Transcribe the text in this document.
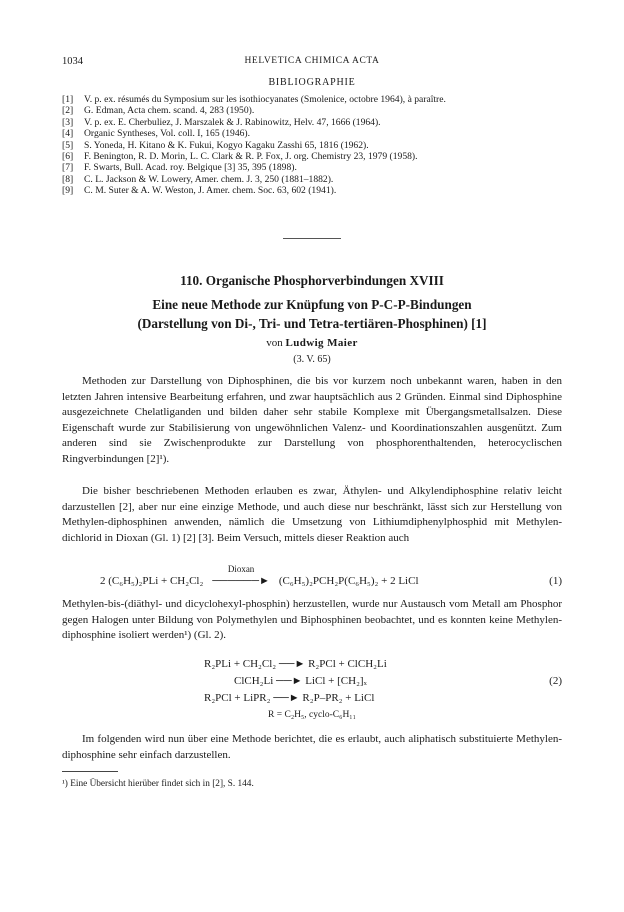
1034	HELVETICA CHIMICA ACTA
BIBLIOGRAPHIE
[1] V. p. ex. résumés du Symposium sur les isothiocyanates (Smolenice, octobre 1964), à paraître.
[2] G. Edman, Acta chem. scand. 4, 283 (1950).
[3] V. p. ex. E. Cherbuliez, J. Marszalek & J. Rabinowitz, Helv. 47, 1666 (1964).
[4] Organic Syntheses, Vol. coll. I, 165 (1946).
[5] S. Yoneda, H. Kitano & K. Fukui, Kogyo Kagaku Zasshi 65, 1816 (1962).
[6] F. Benington, R. D. Morin, L. C. Clark & R. P. Fox, J. org. Chemistry 23, 1979 (1958).
[7] F. Swarts, Bull. Acad. roy. Belgique [3] 35, 395 (1898).
[8] C. L. Jackson & W. Lowery, Amer. chem. J. 3, 250 (1881–1882).
[9] C. M. Suter & A. W. Weston, J. Amer. chem. Soc. 63, 602 (1941).
110. Organische Phosphorverbindungen XVIII
Eine neue Methode zur Knüpfung von P-C-P-Bindungen
(Darstellung von Di-, Tri- und Tetra-tertiären-Phosphinen) [1]
von Ludwig Maier
(3. V. 65)

Methoden zur Darstellung von Diphosphinen, die bis vor kurzem noch unbekannt waren, haben in den letzten Jahren intensive Bearbeitung erfahren, und zwar hauptsächlich aus 2 Gründen. Einmal sind Diphosphine ausgezeichnete Chelatliganden und bilden daher sehr stabile Komplexe mit Übergangsmetallsalzen. Diese Eigenschaft wurde zur Stabilisierung von ungewöhnlichen Valenz- und Koordinationszahlen ausgenützt. Zum anderen sind sie Zwischenprodukte zur Darstellung von phosphorenthaltenden, heterocyclischen Ringverbindungen [2]¹).

Die bisher beschriebenen Methoden erlauben es zwar, Äthylen- und Alkylendiphosphine relativ leicht darzustellen [2], aber nur eine einzige Methode, und auch diese nur beschränkt, lässt sich zur Herstellung von Methylen-diphosphinen anwenden, nämlich die Umsetzung von Lithiumdiphenylphosphid mit Methylendichlorid in Dioxan (Gl. 1) [2] [3]. Beim Versuch, mittels dieser Reaktion auch

2 (C₆H₅)₂PLi + CH₂Cl₂
Dioxan
──────► (C₆H₅)₂PCH₂P(C₆H₅)₂ + 2 LiCl	(1)

Methylen-bis-(diäthyl- und dicyclohexyl-phosphin) herzustellen, wurde nur Austausch vom Metall am Phosphor gegen Halogen unter Bildung von Polymethylen und Biphosphinen beobachtet, und es konnten keine Methylen-diphosphine isoliert werden¹) (Gl. 2).

R₂PLi + CH₂Cl₂ ──► R₂PCl + ClCH₂Li
ClCH₂Li ──► LiCl + [CH₂]ₓ
R₂PCl + LiPR₂ ──► R₂P–PR₂ + LiCl
(2)
R = C₂H₅, cyclo-C₆H₁₁

Im folgenden wird nun über eine Methode berichtet, die es erlaubt, auch aliphatisch substituierte Methylen-diphosphine sehr einfach darzustellen.

¹) Eine Übersicht hierüber findet sich in [2], S. 144.
